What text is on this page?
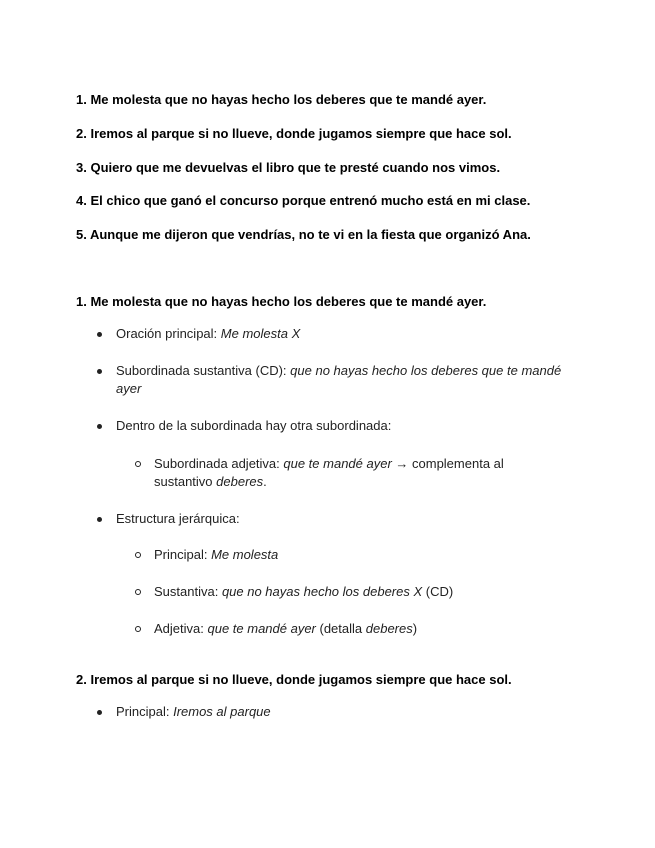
1. Me molesta que no hayas hecho los deberes que te mandé ayer.
2. Iremos al parque si no llueve, donde jugamos siempre que hace sol.
3. Quiero que me devuelvas el libro que te presté cuando nos vimos.
4. El chico que ganó el concurso porque entrenó mucho está en mi clase.
5. Aunque me dijeron que vendrías, no te vi en la fiesta que organizó Ana.
1. Me molesta que no hayas hecho los deberes que te mandé ayer.
Oración principal: Me molesta X
Subordinada sustantiva (CD): que no hayas hecho los deberes que te mandé ayer
Dentro de la subordinada hay otra subordinada:
Subordinada adjetiva: que te mandé ayer → complementa al sustantivo deberes.
Estructura jerárquica:
Principal: Me molesta
Sustantiva: que no hayas hecho los deberes X (CD)
Adjetiva: que te mandé ayer (detalla deberes)
2. Iremos al parque si no llueve, donde jugamos siempre que hace sol.
Principal: Iremos al parque
